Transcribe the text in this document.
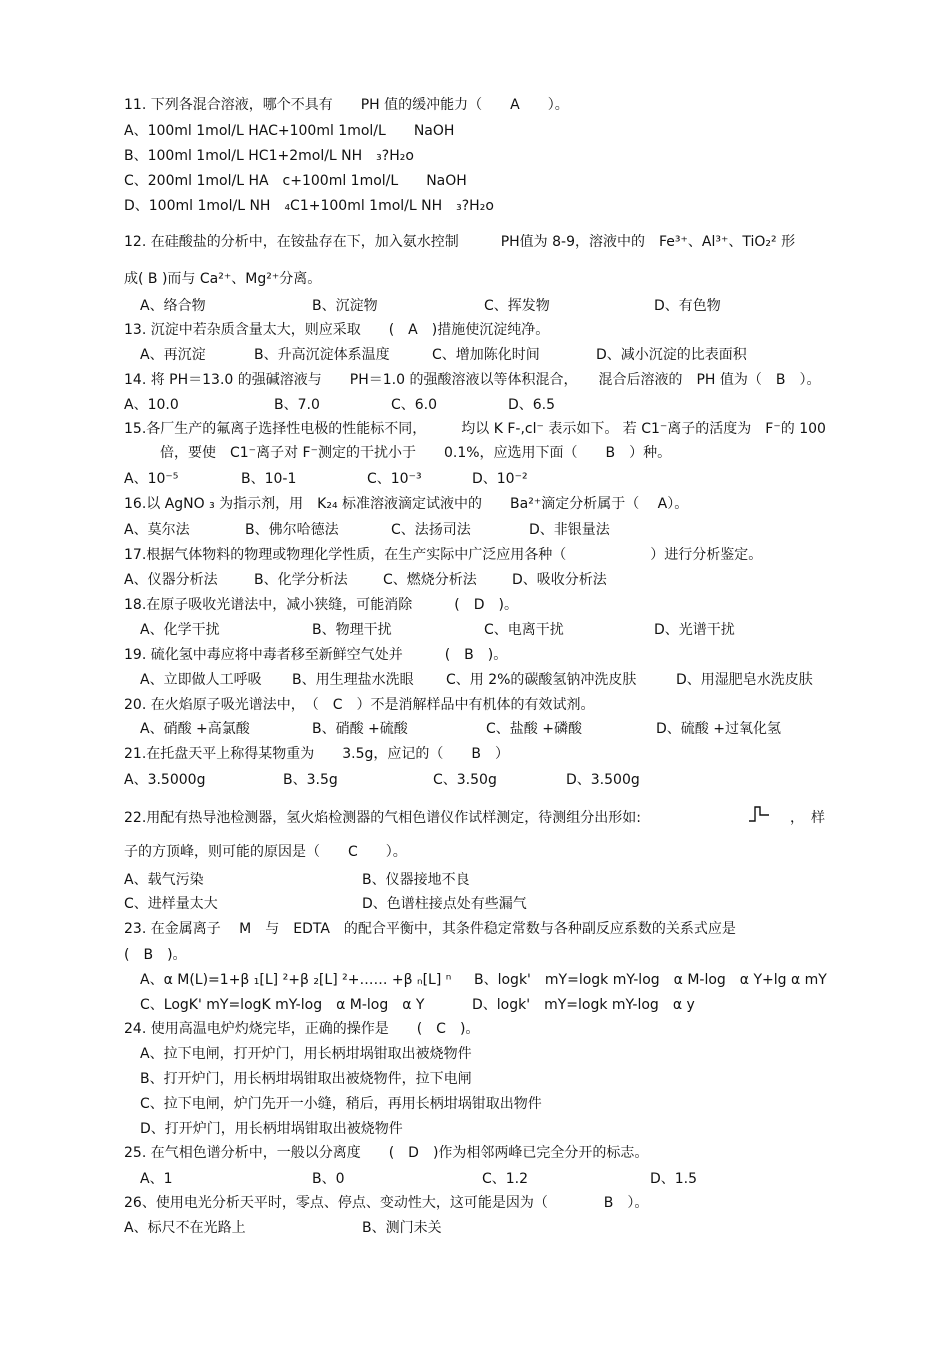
11. 下列各混合溶液，哪个不具有　　PH 值的缓冲能力（　　A　　）。
A、100ml 1mol/L HAC+100ml 1mol/L　　NaOH
B、100ml 1mol/L HC1+2mol/L NH　₃?H₂o
C、200ml 1mol/L HA　c+100ml 1mol/L　　NaOH
D、100ml 1mol/L NH　₄C1+100ml 1mol/L NH　₃?H₂o
12. 在硅酸盐的分析中，在铵盐存在下，加入氨水控制　　　PH值为 8-9，溶液中的　Fe³⁺、Al³⁺、TiO₂² 形
成( B )而与 Ca²⁺、Mg²⁺分离。
A、络合物	B、沉淀物	C、挥发物	D、有色物
13. 沉淀中若杂质含量太大，则应采取　　(　A　)措施使沉淀纯净。
A、再沉淀	B、升高沉淀体系温度	C、增加陈化时间	D、减小沉淀的比表面积
14. 将 PH＝13.0 的强碱溶液与　　PH＝1.0 的强酸溶液以等体积混合，　　混合后溶液的　PH 值为（　B　）。
A、10.0	B、7.0	C、6.0	D、6.5
15.各厂生产的氟离子选择性电极的性能标不同，　　　均以 K F-,cl⁻ 表示如下。 若 C1⁻离子的活度为　F⁻的 100
倍，要使　C1⁻离子对 F⁻测定的干扰小于　　0.1%，应选用下面（　　B　）种。
A、10⁻⁵	B、10-1	C、10⁻³	D、10⁻²
16.以 AgNO ₃ 为指示剂，用　K₂₄ 标准溶液滴定试液中的　　Ba²⁺滴定分析属于（　 A）。
A、莫尔法	B、佛尔哈德法	C、法扬司法	D、非银量法
17.根据气体物料的物理或物理化学性质，在生产实际中广泛应用各种（　　　　　　）进行分析鉴定。
A、仪器分析法	B、化学分析法	C、燃烧分析法	D、吸收分析法
18.在原子吸收光谱法中，减小狭缝，可能消除　　　(　D　)。
A、化学干扰	B、物理干扰	C、电离干扰	D、光谱干扰
19. 硫化氢中毒应将中毒者移至新鲜空气处并　　　(　B　)。
A、立即做人工呼吸 B、用生理盐水洗眼 C、用 2%的碳酸氢钠冲洗皮肤	D、用湿肥皂水洗皮肤
20. 在火焰原子吸光谱法中，　（　C　）不是消解样品中有机体的有效试剂。
A、硝酸 +高氯酸	B、硝酸 +硫酸	C、盐酸 +磷酸	D、硫酸 +过氧化氢
21.在托盘天平上称得某物重为　　3.5g，应记的（　　B　）
A、3.5000g	B、3.5g	C、3.50g	D、3.500g
22.用配有热导池检测器，氢火焰检测器的气相色谱仪作试样测定，待测组分出形如:	，　样
子的方顶峰，则可能的原因是（　　C　　）。
A、载气污染	B、仪器接地不良
C、进样量太大	D、色谱柱接点处有些漏气
23. 在金属离子　 M　与　EDTA　的配合平衡中，其条件稳定常数与各种副反应系数的关系式应是
(　B　)。
A、α M(L)=1+β ₁[L] ²+β ₂[L] ²+…… +β ₙ[L] ⁿ B、logk'　mY=logk mY-log　α M-log　α Y+lg α mY
C、LogK' mY=logK mY-log　α M-log　α Y	D、logk'　mY=logk mY-log　α y
24. 使用高温电炉灼烧完毕，正确的操作是　　(　C　)。
A、拉下电闸，打开炉门，用长柄坩埚钳取出被烧物件
B、打开炉门，用长柄坩埚钳取出被烧物件，拉下电闸
C、拉下电闸，炉门先开一小缝，稍后，再用长柄坩埚钳取出物件
D、打开炉门，用长柄坩埚钳取出被烧物件
25. 在气相色谱分析中，一般以分离度　　(　D　)作为相邻两峰已完全分开的标志。
A、1	B、0	C、1.2	D、1.5
26、使用电光分析天平时，零点、停点、变动性大，这可能是因为（　　　　B　）。
A、标尺不在光路上	B、测门未关
